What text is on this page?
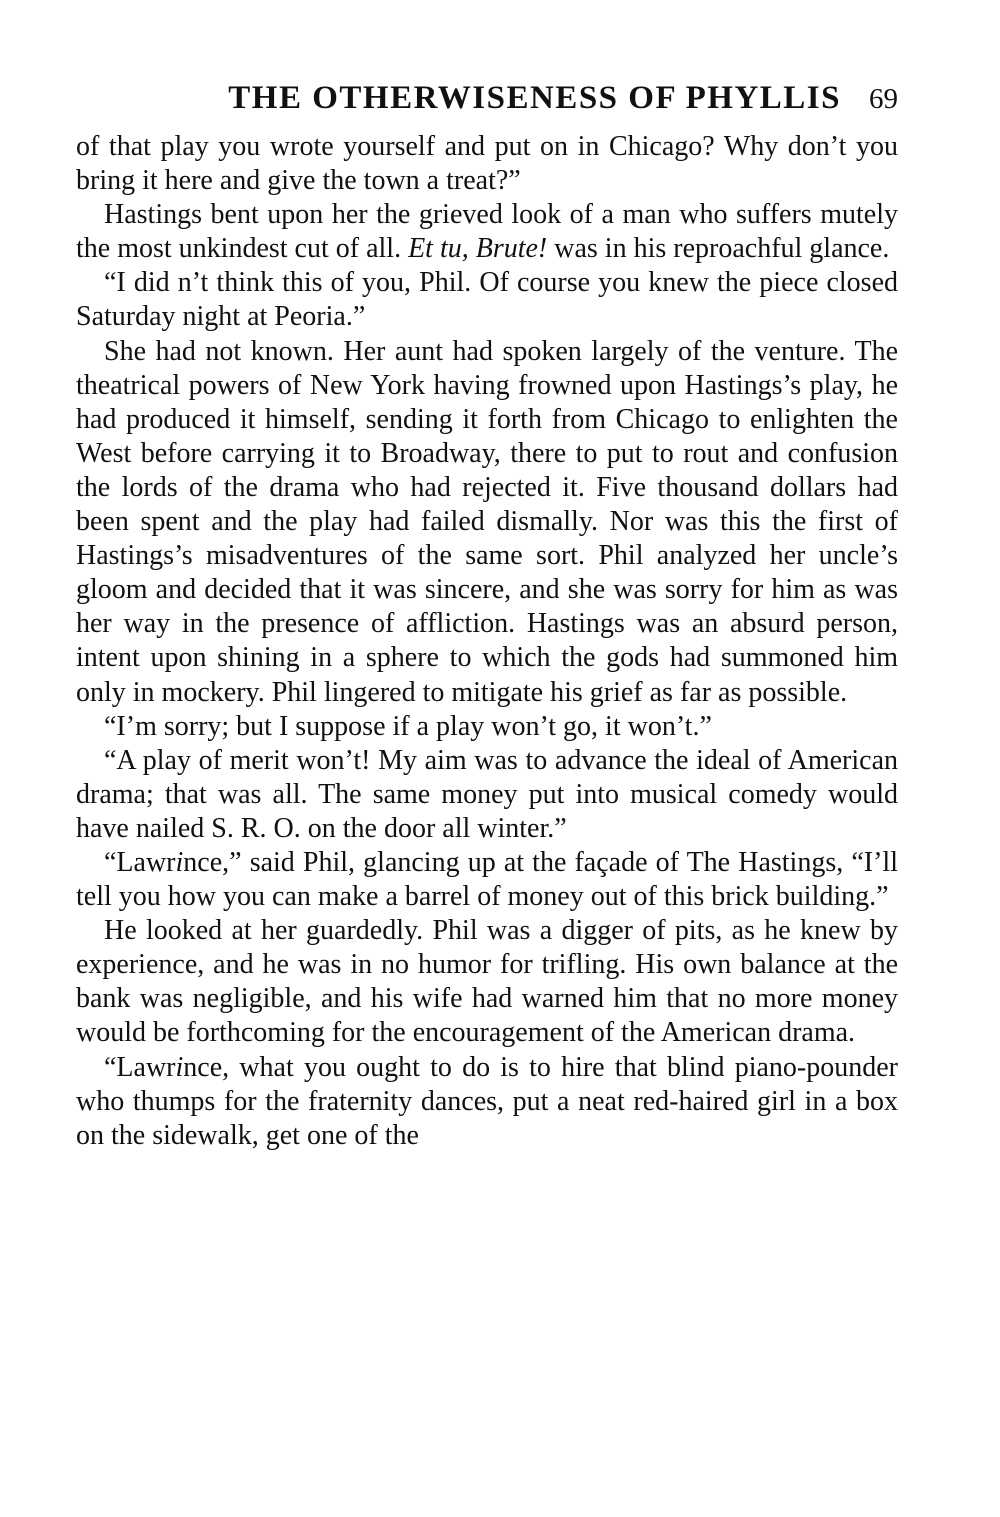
THE OTHERWISENESS OF PHYLLIS 69

of that play you wrote yourself and put on in Chicago? Why don’t you bring it here and give the town a treat?”

Hastings bent upon her the grieved look of a man who suffers mutely the most unkindest cut of all. Et tu, Brute! was in his reproachful glance.

“I did n’t think this of you, Phil. Of course you knew the piece closed Saturday night at Peoria.”

She had not known. Her aunt had spoken largely of the venture. The theatrical powers of New York having frowned upon Hastings’s play, he had produced it himself, sending it forth from Chicago to enlighten the West before carrying it to Broadway, there to put to rout and confusion the lords of the drama who had rejected it. Five thousand dollars had been spent and the play had failed dismally. Nor was this the first of Hastings’s misadventures of the same sort. Phil analyzed her uncle’s gloom and decided that it was sincere, and she was sorry for him as was her way in the presence of affliction. Hastings was an absurd person, intent upon shining in a sphere to which the gods had summoned him only in mockery. Phil lingered to mitigate his grief as far as possible.

“I’m sorry; but I suppose if a play won’t go, it won’t.”

“A play of merit won’t! My aim was to advance the ideal of American drama; that was all. The same money put into musical comedy would have nailed S. R. O. on the door all winter.”

“Lawrince,” said Phil, glancing up at the façade of The Hastings, “I’ll tell you how you can make a barrel of money out of this brick building.”

He looked at her guardedly. Phil was a digger of pits, as he knew by experience, and he was in no humor for trifling. His own balance at the bank was negligible, and his wife had warned him that no more money would be forthcoming for the encouragement of the American drama.

“Lawrince, what you ought to do is to hire that blind piano-pounder who thumps for the fraternity dances, put a neat red-haired girl in a box on the sidewalk, get one of the
